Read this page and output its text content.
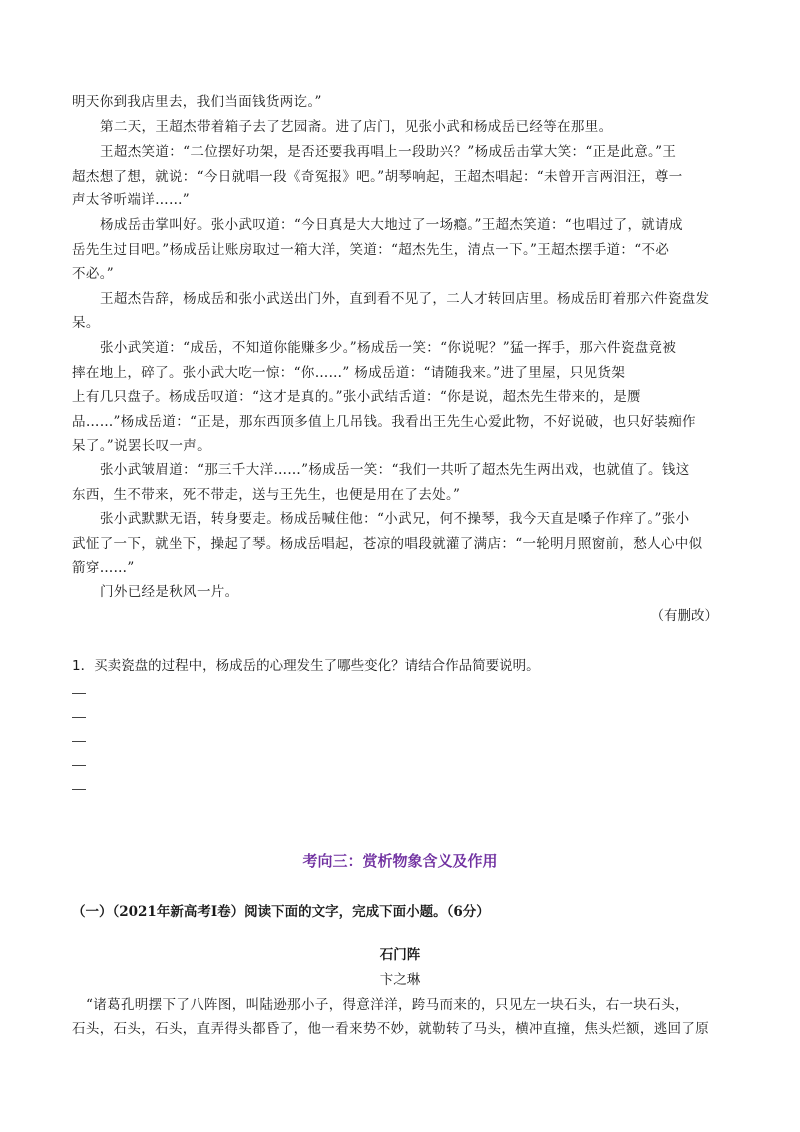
明天你到我店里去，我们当面钱货两讫。”
第二天，王超杰带着箱子去了艺园斋。进了店门，见张小武和杨成岳已经等在那里。
王超杰笑道：“二位摆好功架，是否还要我再唱上一段助兴？”杨成岳击掌大笑：“正是此意。”王
超杰想了想，就说：“今日就唱一段《奇冤报》吧。”胡琴响起，王超杰唱起：“未曾开言两泪汪，尊一
声太爷听端详……”
杨成岳击掌叫好。张小武叹道：“今日真是大大地过了一场瘾。”王超杰笑道：“也唱过了，就请成
岳先生过目吧。”杨成岳让账房取过一箱大洋，笑道：“超杰先生，清点一下。”王超杰摆手道：“不必
不必。”
王超杰告辞，杨成岳和张小武送出门外，直到看不见了，二人才转回店里。杨成岳盯着那六件瓷盘发
呆。
张小武笑道：“成岳，不知道你能赚多少。”杨成岳一笑：“你说呢？”猛一挥手，那六件瓷盘竟被
摔在地上，碎了。张小武大吃一惊：“你……” 杨成岳道：“请随我来。”进了里屋，只见货架
上有几只盘子。杨成岳叹道：“这才是真的。”张小武结舌道：“你是说，超杰先生带来的，是赝
品……”杨成岳道：“正是，那东西顶多值上几吊钱。我看出王先生心爱此物，不好说破，也只好装痴作
呆了。”说罢长叹一声。
张小武皱眉道：“那三千大洋……”杨成岳一笑：“我们一共听了超杰先生两出戏，也就值了。钱这
东西，生不带来，死不带走，送与王先生，也便是用在了去处。”
张小武默默无语，转身要走。杨成岳喊住他：“小武兄，何不操琴，我今天直是嗓子作痒了。”张小
武怔了一下，就坐下，操起了琴。杨成岳唱起，苍凉的唱段就灌了满店：“一轮明月照窗前，愁人心中似
箭穿……”
门外已经是秋风一片。
（有删改）
1．买卖瓷盘的过程中，杨成岳的心理发生了哪些变化？请结合作品简要说明。
考向三：赏析物象含义及作用
（一）（2021年新高考Ⅰ卷）阅读下面的文字，完成下面小题。（6分）
石门阵
卞之琳
“诸葛孔明摆下了八阵图，叫陆逊那小子，得意洋洋，跨马而来的，只见左一块石头，右一块石头，
石头，石头，石头，直弄得头都昏了，他一看来势不妙，就勒转了马头，横冲直撞，焦头烂额，逃回了原
